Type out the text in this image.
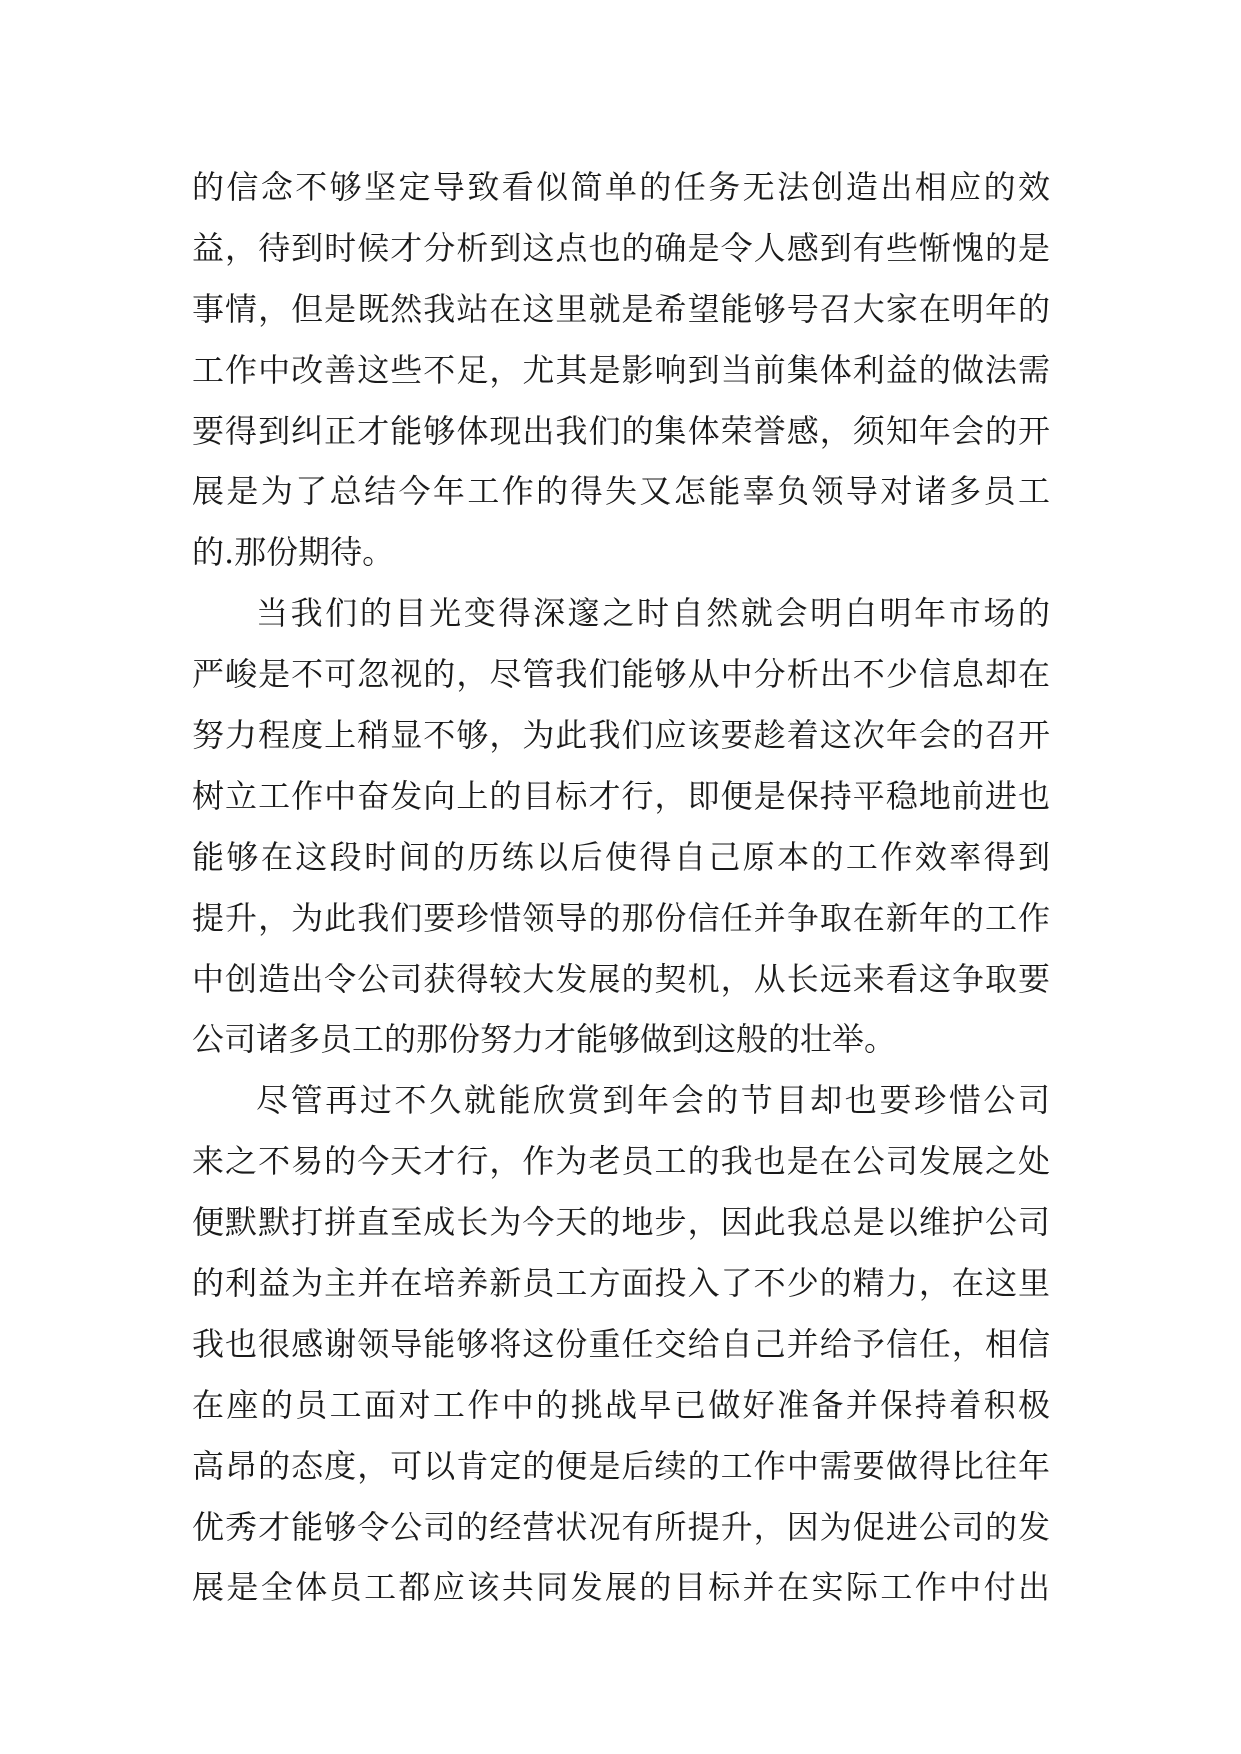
的信念不够坚定导致看似简单的任务无法创造出相应的效
益，待到时候才分析到这点也的确是令人感到有些惭愧的是
事情，但是既然我站在这里就是希望能够号召大家在明年的
工作中改善这些不足，尤其是影响到当前集体利益的做法需
要得到纠正才能够体现出我们的集体荣誉感，须知年会的开
展是为了总结今年工作的得失又怎能辜负领导对诸多员工
的.那份期待。
当我们的目光变得深邃之时自然就会明白明年市场的
严峻是不可忽视的，尽管我们能够从中分析出不少信息却在
努力程度上稍显不够，为此我们应该要趁着这次年会的召开
树立工作中奋发向上的目标才行，即便是保持平稳地前进也
能够在这段时间的历练以后使得自己原本的工作效率得到
提升，为此我们要珍惜领导的那份信任并争取在新年的工作
中创造出令公司获得较大发展的契机，从长远来看这争取要
公司诸多员工的那份努力才能够做到这般的壮举。
尽管再过不久就能欣赏到年会的节目却也要珍惜公司
来之不易的今天才行，作为老员工的我也是在公司发展之处
便默默打拼直至成长为今天的地步，因此我总是以维护公司
的利益为主并在培养新员工方面投入了不少的精力，在这里
我也很感谢领导能够将这份重任交给自己并给予信任，相信
在座的员工面对工作中的挑战早已做好准备并保持着积极
高昂的态度，可以肯定的便是后续的工作中需要做得比往年
优秀才能够令公司的经营状况有所提升，因为促进公司的发
展是全体员工都应该共同发展的目标并在实际工作中付出
